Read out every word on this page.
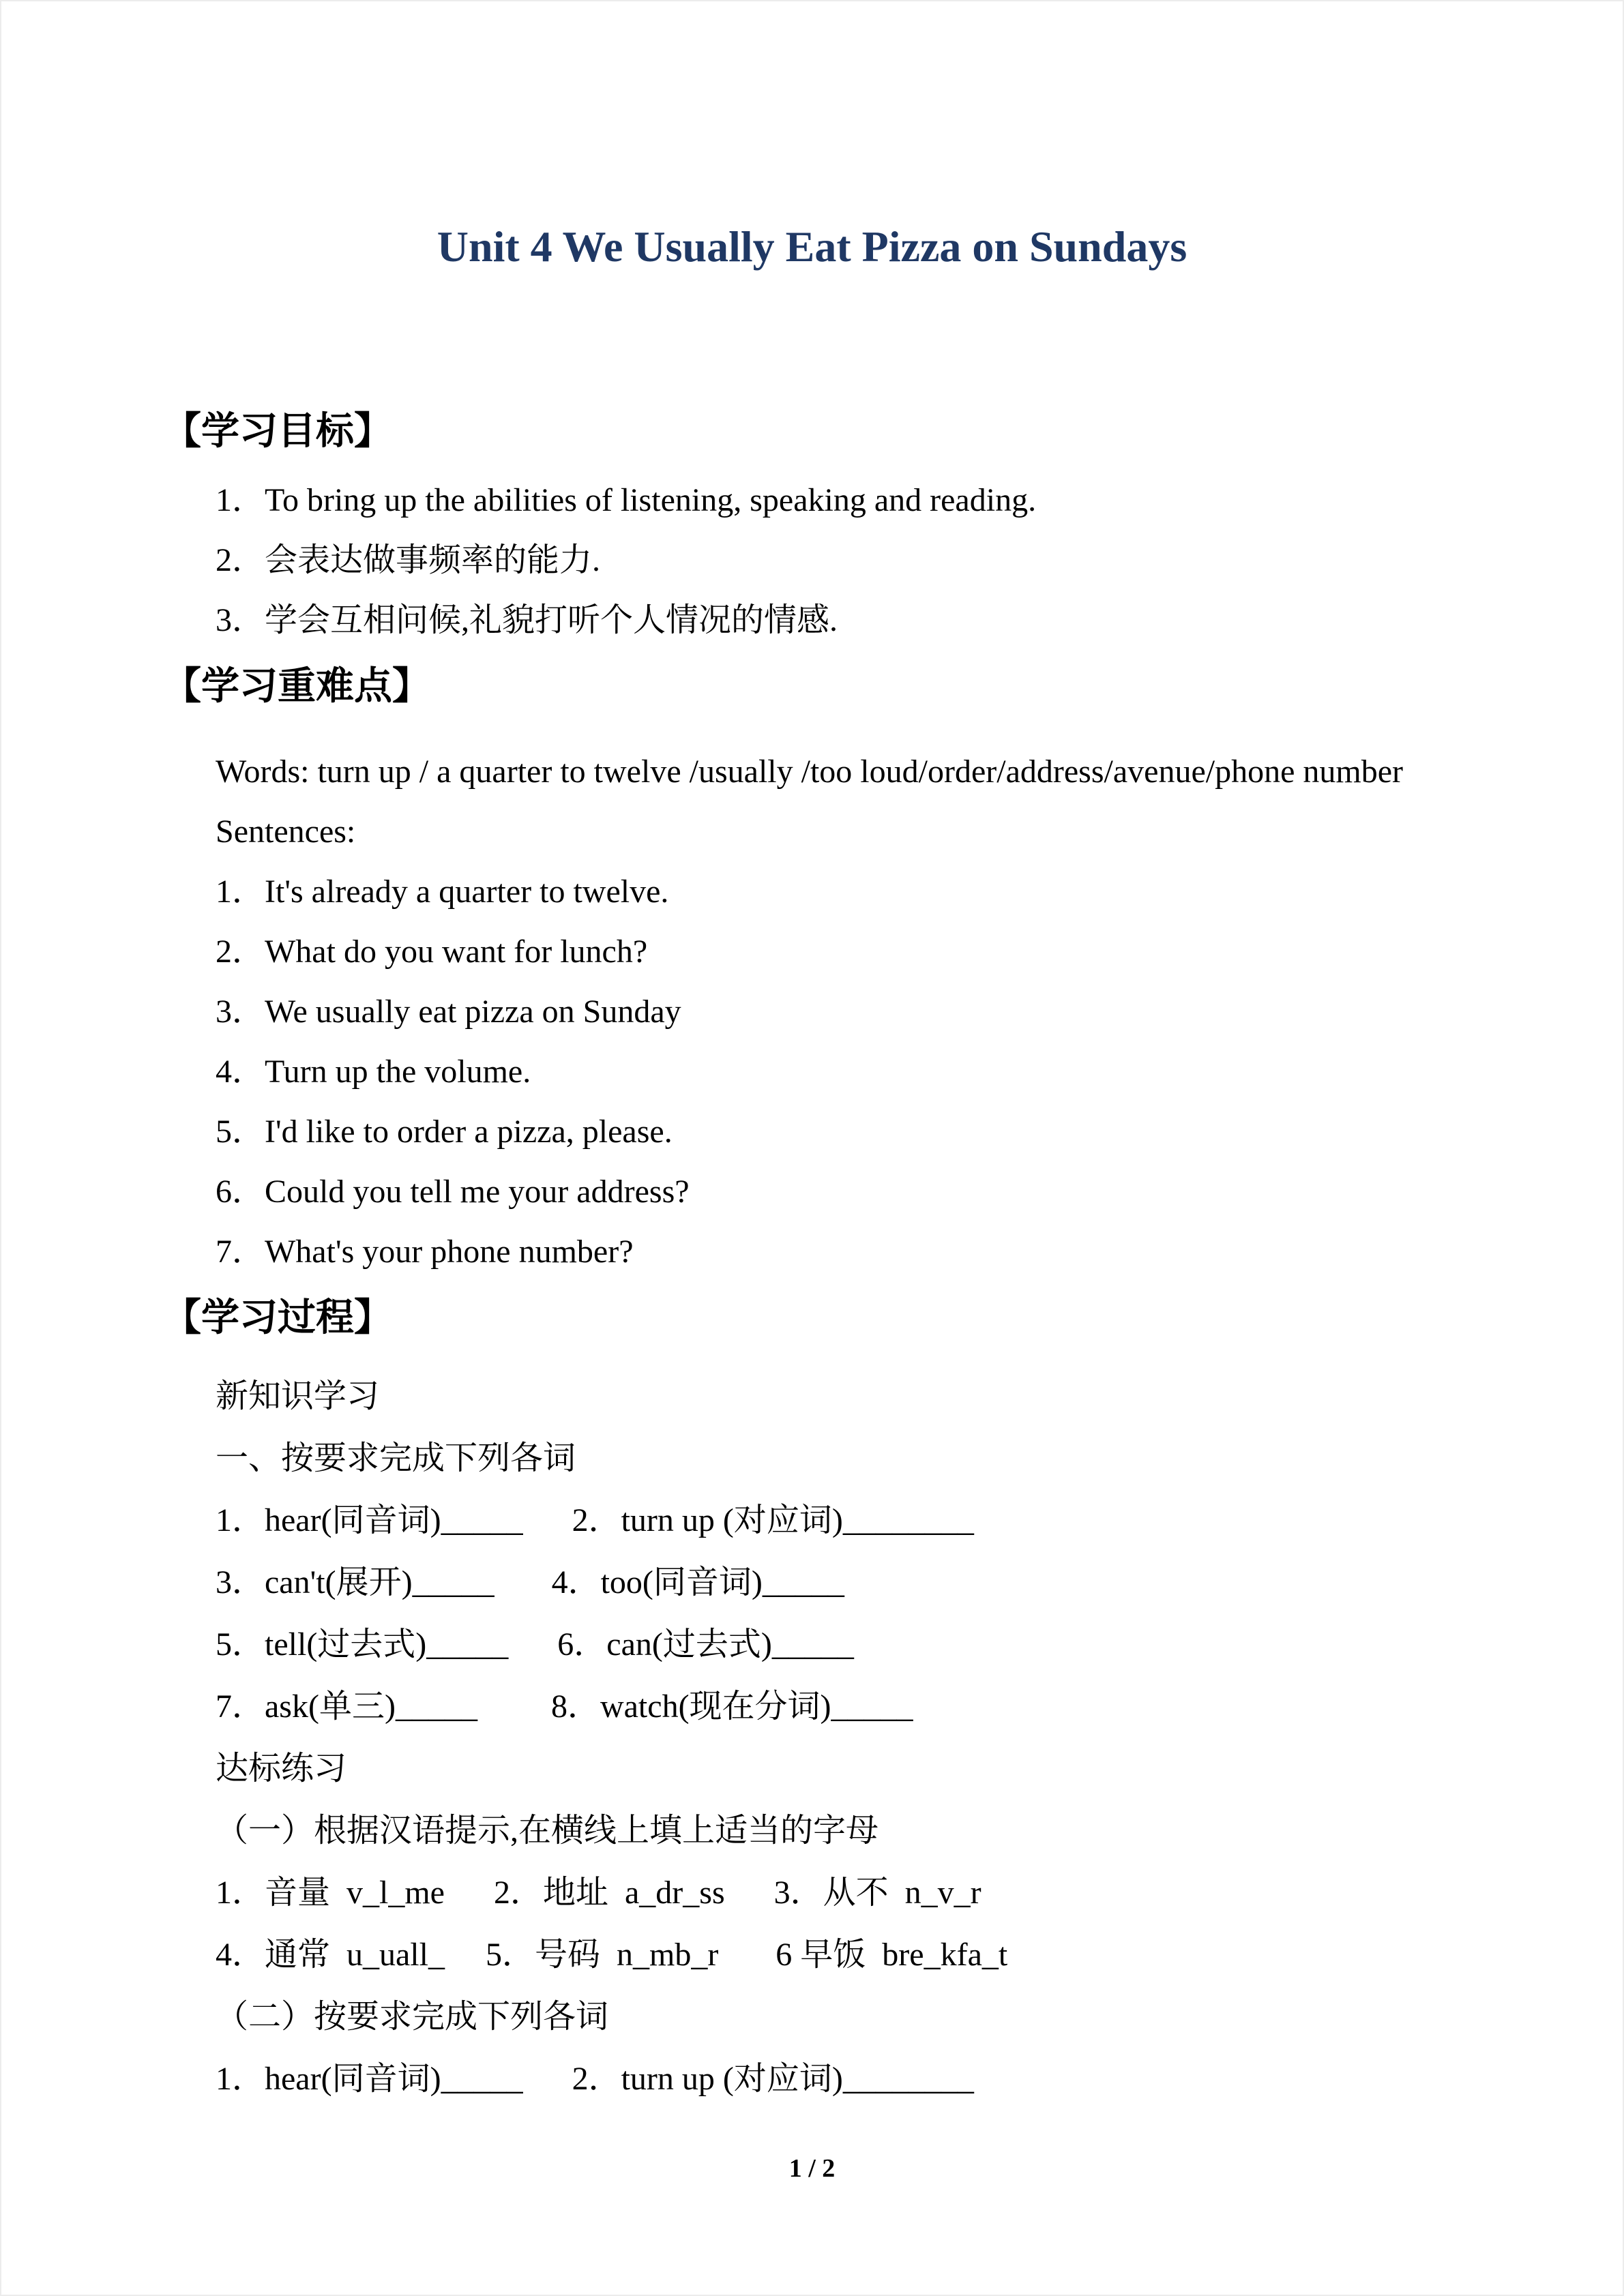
Unit 4 We Usually Eat Pizza on Sundays
【学习目标】

1．To bring up the abilities of listening, speaking and reading.

2．会表达做事频率的能力.

3．学会互相问候,礼貌打听个人情况的情感.

【学习重难点】

Words: turn up / a quarter to twelve /usually /too loud/order/address/avenue/phone number

Sentences:

1．It's already a quarter to twelve.

2．What do you want for lunch?

3．We usually eat pizza on Sunday

4．Turn up the volume.

5．I'd like to order a pizza, please.

6．Could you tell me your address?

7．What's your phone number?

【学习过程】

新知识学习

一、按要求完成下列各词

1．hear(同音词)_____      2．turn up (对应词)________

3．can't(展开)_____       4．too(同音词)_____

5．tell(过去式)_____      6．can(过去式)_____

7．ask(单三)_____         8．watch(现在分词)_____

达标练习

（一）根据汉语提示,在横线上填上适当的字母

1．音量  v_l_me      2．地址  a_dr_ss      3．从不  n_v_r

4．通常  u_uall_     5．号码  n_mb_r       6 早饭  bre_kfa_t

（二）按要求完成下列各词

1．hear(同音词)_____      2．turn up (对应词)________

1 / 2
